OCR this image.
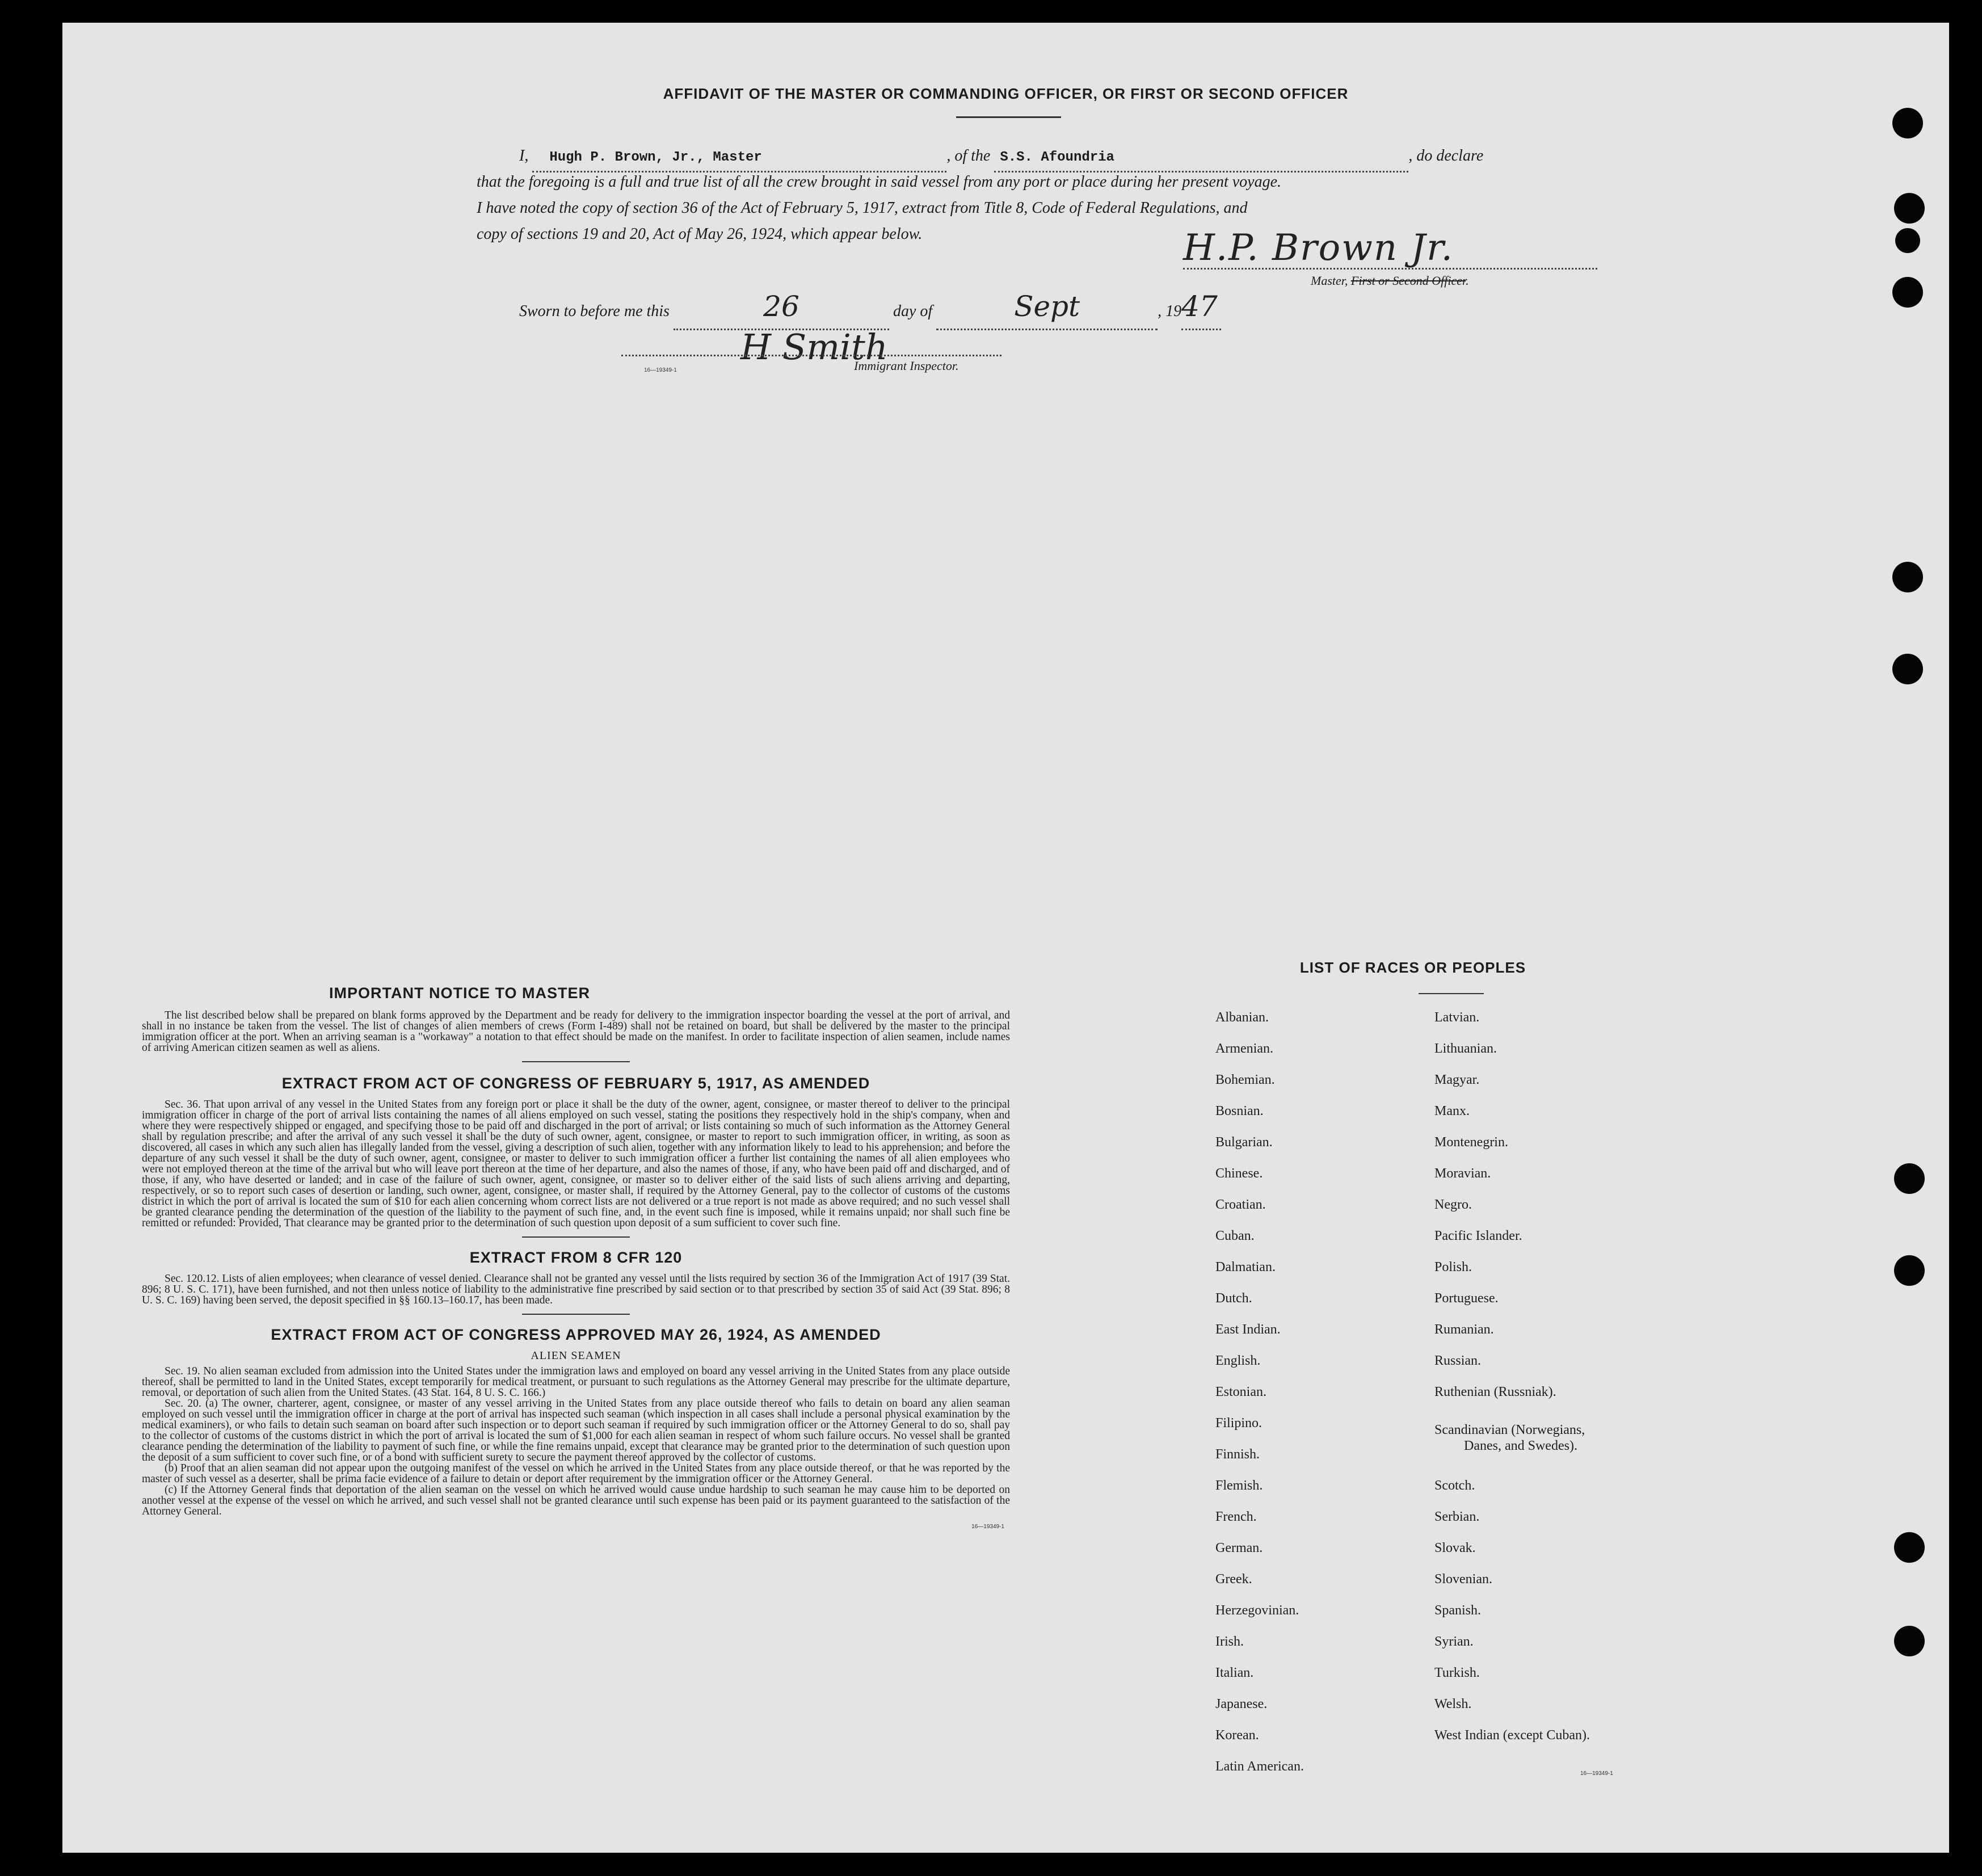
AFFIDAVIT OF THE MASTER OR COMMANDING OFFICER, OR FIRST OR SECOND OFFICER
I, Hugh P. Brown, Jr., Master	, of the S.S. Afoundria	, do declare
that the foregoing is a full and true list of all the crew brought in said vessel from any port or place during her present voyage.
I have noted the copy of section 36 of the Act of February 5, 1917, extract from Title 8, Code of Federal Regulations, and
copy of sections 19 and 20, Act of May 26, 1924, which appear below.	H.P. Brown Jr.
Master, First or Second Officer.
Sworn to before me this	26	day of	Sept	, 1947
H Smith
Immigrant Inspector.
16—19349-1
IMPORTANT NOTICE TO MASTER

The list described below shall be prepared on blank forms approved by the Department and be ready for delivery to the immigration inspector boarding the vessel at the port of arrival, and shall in no instance be taken from the vessel. The list of changes of alien members of crews (Form I-489) shall not be retained on board, but shall be delivered by the master to the principal immigration officer at the port. When an arriving seaman is a "workaway" a notation to that effect should be made on the manifest. In order to facilitate inspection of alien seamen, include names of arriving American citizen seamen as well as aliens.

EXTRACT FROM ACT OF CONGRESS OF FEBRUARY 5, 1917, AS AMENDED

Sec. 36. That upon arrival of any vessel in the United States from any foreign port or place it shall be the duty of the owner, agent, consignee, or master thereof to deliver to the principal immigration officer in charge of the port of arrival lists containing the names of all aliens employed on such vessel, stating the positions they respectively hold in the ship's company, when and where they were respectively shipped or engaged, and specifying those to be paid off and discharged in the port of arrival; or lists containing so much of such information as the Attorney General shall by regulation prescribe; and after the arrival of any such vessel it shall be the duty of such owner, agent, consignee, or master to report to such immigration officer, in writing, as soon as discovered, all cases in which any such alien has illegally landed from the vessel, giving a description of such alien, together with any information likely to lead to his apprehension; and before the departure of any such vessel it shall be the duty of such owner, agent, consignee, or master to deliver to such immigration officer a further list containing the names of all alien employees who were not employed thereon at the time of the arrival but who will leave port thereon at the time of her departure, and also the names of those, if any, who have been paid off and discharged, and of those, if any, who have deserted or landed; and in case of the failure of such owner, agent, consignee, or master so to deliver either of the said lists of such aliens arriving and departing, respectively, or so to report such cases of desertion or landing, such owner, agent, consignee, or master shall, if required by the Attorney General, pay to the collector of customs of the customs district in which the port of arrival is located the sum of $10 for each alien concerning whom correct lists are not delivered or a true report is not made as above required; and no such vessel shall be granted clearance pending the determination of the question of the liability to the payment of such fine, and, in the event such fine is imposed, while it remains unpaid; nor shall such fine be remitted or refunded: Provided, That clearance may be granted prior to the determination of such question upon deposit of a sum sufficient to cover such fine.

EXTRACT FROM 8 CFR 120

Sec. 120.12. Lists of alien employees; when clearance of vessel denied. Clearance shall not be granted any vessel until the lists required by section 36 of the Immigration Act of 1917 (39 Stat. 896; 8 U. S. C. 171), have been furnished, and not then unless notice of liability to the administrative fine prescribed by said section or to that prescribed by section 35 of said Act (39 Stat. 896; 8 U. S. C. 169) having been served, the deposit specified in §§ 160.13–160.17, has been made.

EXTRACT FROM ACT OF CONGRESS APPROVED MAY 26, 1924, AS AMENDED
ALIEN SEAMEN

Sec. 19. No alien seaman excluded from admission into the United States under the immigration laws and employed on board any vessel arriving in the United States from any place outside thereof, shall be permitted to land in the United States, except temporarily for medical treatment, or pursuant to such regulations as the Attorney General may prescribe for the ultimate departure, removal, or deportation of such alien from the United States. (43 Stat. 164, 8 U. S. C. 166.)

Sec. 20. (a) The owner, charterer, agent, consignee, or master of any vessel arriving in the United States from any place outside thereof who fails to detain on board any alien seaman employed on such vessel until the immigration officer in charge at the port of arrival has inspected such seaman (which inspection in all cases shall include a personal physical examination by the medical examiners), or who fails to detain such seaman on board after such inspection or to deport such seaman if required by such immigration officer or the Attorney General to do so, shall pay to the collector of customs of the customs district in which the port of arrival is located the sum of $1,000 for each alien seaman in respect of whom such failure occurs. No vessel shall be granted clearance pending the determination of the liability to payment of such fine, or while the fine remains unpaid, except that clearance may be granted prior to the determination of such question upon the deposit of a sum sufficient to cover such fine, or of a bond with sufficient surety to secure the payment thereof approved by the collector of customs.

(b) Proof that an alien seaman did not appear upon the outgoing manifest of the vessel on which he arrived in the United States from any place outside thereof, or that he was reported by the master of such vessel as a deserter, shall be prima facie evidence of a failure to detain or deport after requirement by the immigration officer or the Attorney General.

(c) If the Attorney General finds that deportation of the alien seaman on the vessel on which he arrived would cause undue hardship to such seaman he may cause him to be deported on another vessel at the expense of the vessel on which he arrived, and such vessel shall not be granted clearance until such expense has been paid or its payment guaranteed to the satisfaction of the Attorney General.

16—19349-1
LIST OF RACES OR PEOPLES
Albanian.
Armenian.
Bohemian.
Bosnian.
Bulgarian.
Chinese.
Croatian.
Cuban.
Dalmatian.
Dutch.
East Indian.
English.
Estonian.
Filipino.
Finnish.
Flemish.
French.
German.
Greek.
Herzegovinian.
Irish.
Italian.
Japanese.
Korean.
Latin American.
Latvian.
Lithuanian.
Magyar.
Manx.
Montenegrin.
Moravian.
Negro.
Pacific Islander.
Polish.
Portuguese.
Rumanian.
Russian.
Ruthenian (Russniak).
Scandinavian (Norwegians,
Danes, and Swedes).
Scotch.
Serbian.
Slovak.
Slovenian.
Spanish.
Syrian.
Turkish.
Welsh.
West Indian (except Cuban).
16—19349-1
